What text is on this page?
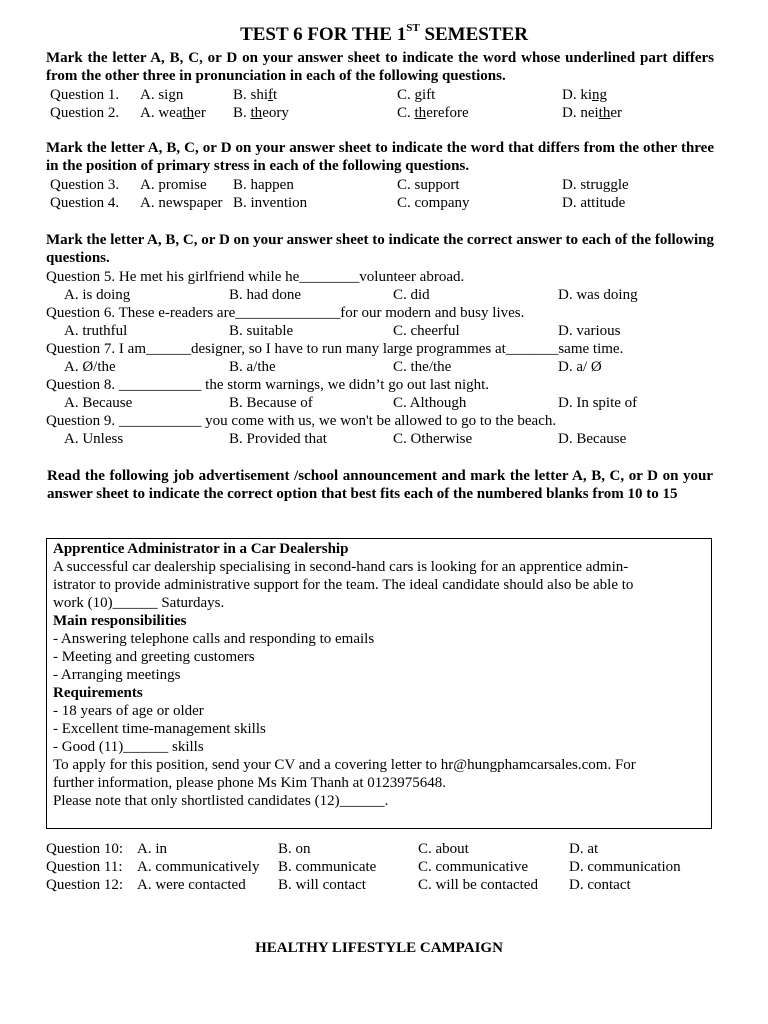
TEST 6 FOR THE 1ST SEMESTER
Mark the letter A, B, C, or D on your answer sheet to indicate the word whose underlined part differs from the other three in pronunciation in each of the following questions.
Question 1. A. sign	B. shift	C. gift	D. king
Question 2. A. weather B. theory	C. therefore	D. neither
Mark the letter A, B, C, or D on your answer sheet to indicate the word that differs from the other three in the position of primary stress in each of the following questions.
Question 3. A. promise B. happen	C. support	D. struggle
Question 4. A. newspaper B. invention	C. company	D. attitude
Mark the letter A, B, C, or D on your answer sheet to indicate the correct answer to each of the following questions.
Question 5. He met his girlfriend while he________volunteer abroad.
A. is doing	B. had done	C. did	D. was doing
Question 6. These e-readers are______________for our modern and busy lives.
A. truthful	B. suitable	C. cheerful	D. various
Question 7. I am______designer, so I have to run many large programmes at_______same time.
A. Ø/the	B. a/the	C. the/the	D. a/ Ø
Question 8. ___________ the storm warnings, we didn’t go out last night.
A. Because	B. Because of	C. Although	D. In spite of
Question 9. ___________ you come with us, we won't be allowed to go to the beach.
A. Unless	B. Provided that	C. Otherwise	D. Because
Read the following job advertisement /school announcement and mark the letter A, B, C, or D on your answer sheet to indicate the correct option that best fits each of the numbered blanks from 10 to 15
Apprentice Administrator in a Car Dealership
A successful car dealership specialising in second-hand cars is looking for an apprentice admin-
istrator to provide administrative support for the team. The ideal candidate should also be able to
work (10)______ Saturdays.
Main responsibilities
- Answering telephone calls and responding to emails
- Meeting and greeting customers
- Arranging meetings
Requirements
- 18 years of age or older
- Excellent time-management skills
- Good (11)______ skills
To apply for this position, send your CV and a covering letter to hr@hungphamcarsales.com. For
further information, please phone Ms Kim Thanh at 0123975648.
Please note that only shortlisted candidates (12)______.
Question 10: A. in	B. on	C. about	D. at
Question 11: A. communicatively B. communicate	C. communicative	D. communication
Question 12: A. were contacted B. will contact	C. will be contacted D. contact
HEALTHY LIFESTYLE CAMPAIGN
